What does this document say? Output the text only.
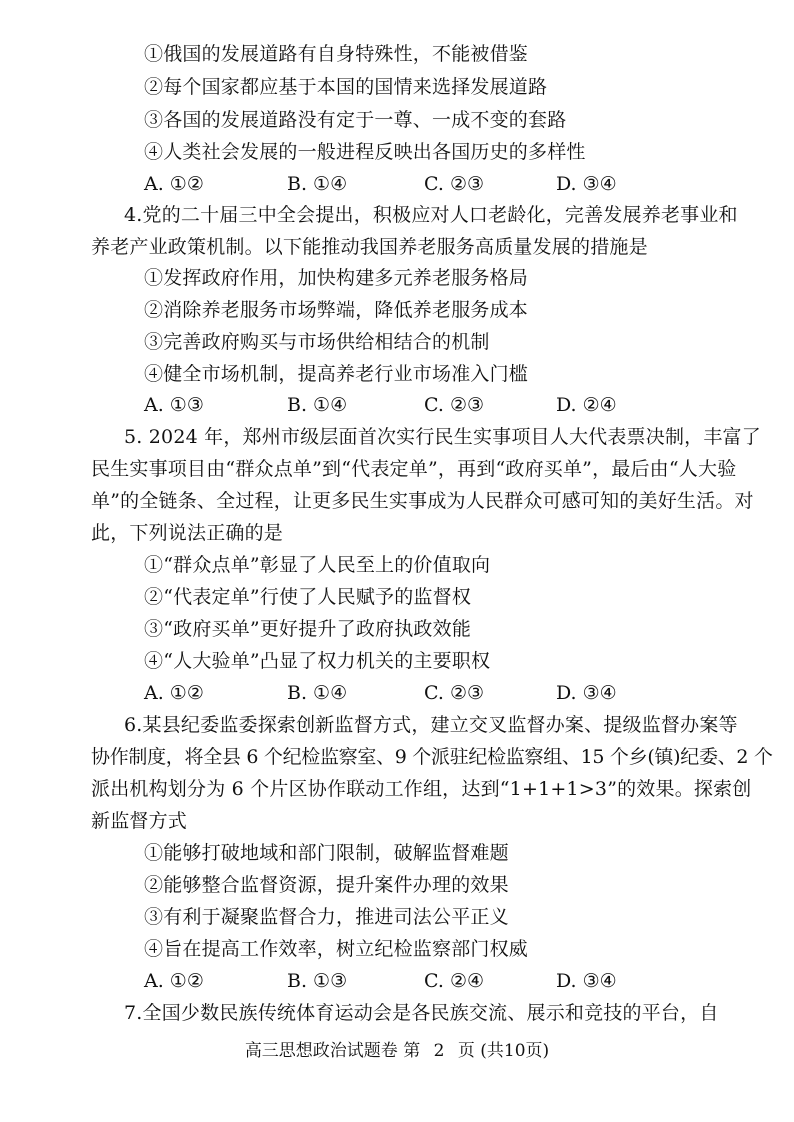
①俄国的发展道路有自身特殊性，不能被借鉴
②每个国家都应基于本国的国情来选择发展道路
③各国的发展道路没有定于一尊、一成不变的套路
④人类社会发展的一般进程反映出各国历史的多样性
A. ①②	B. ①④	C. ②③	D. ③④
4.党的二十届三中全会提出，积极应对人口老龄化，完善发展养老事业和
养老产业政策机制。以下能推动我国养老服务高质量发展的措施是
①发挥政府作用，加快构建多元养老服务格局
②消除养老服务市场弊端，降低养老服务成本
③完善政府购买与市场供给相结合的机制
④健全市场机制，提高养老行业市场准入门槛
A. ①③	B. ①④	C. ②③	D. ②④
5. 2024 年，郑州市级层面首次实行民生实事项目人大代表票决制，丰富了
民生实事项目由“群众点单”到“代表定单”，再到“政府买单”，最后由“人大验
单”的全链条、全过程，让更多民生实事成为人民群众可感可知的美好生活。对
此，下列说法正确的是
①“群众点单”彰显了人民至上的价值取向
②“代表定单”行使了人民赋予的监督权
③“政府买单”更好提升了政府执政效能
④“人大验单”凸显了权力机关的主要职权
A. ①②	B. ①④	C. ②③	D. ③④
6.某县纪委监委探索创新监督方式，建立交叉监督办案、提级监督办案等
协作制度，将全县 6 个纪检监察室、9 个派驻纪检监察组、15 个乡(镇)纪委、2 个
派出机构划分为 6 个片区协作联动工作组，达到“1+1+1>3”的效果。探索创
新监督方式
①能够打破地域和部门限制，破解监督难题
②能够整合监督资源，提升案件办理的效果
③有利于凝聚监督合力，推进司法公平正义
④旨在提高工作效率，树立纪检监察部门权威
A. ①②	B. ①③	C. ②④	D. ③④
7.全国少数民族传统体育运动会是各民族交流、展示和竞技的平台，自
高三思想政治试题卷 第 2 页 (共10页)
